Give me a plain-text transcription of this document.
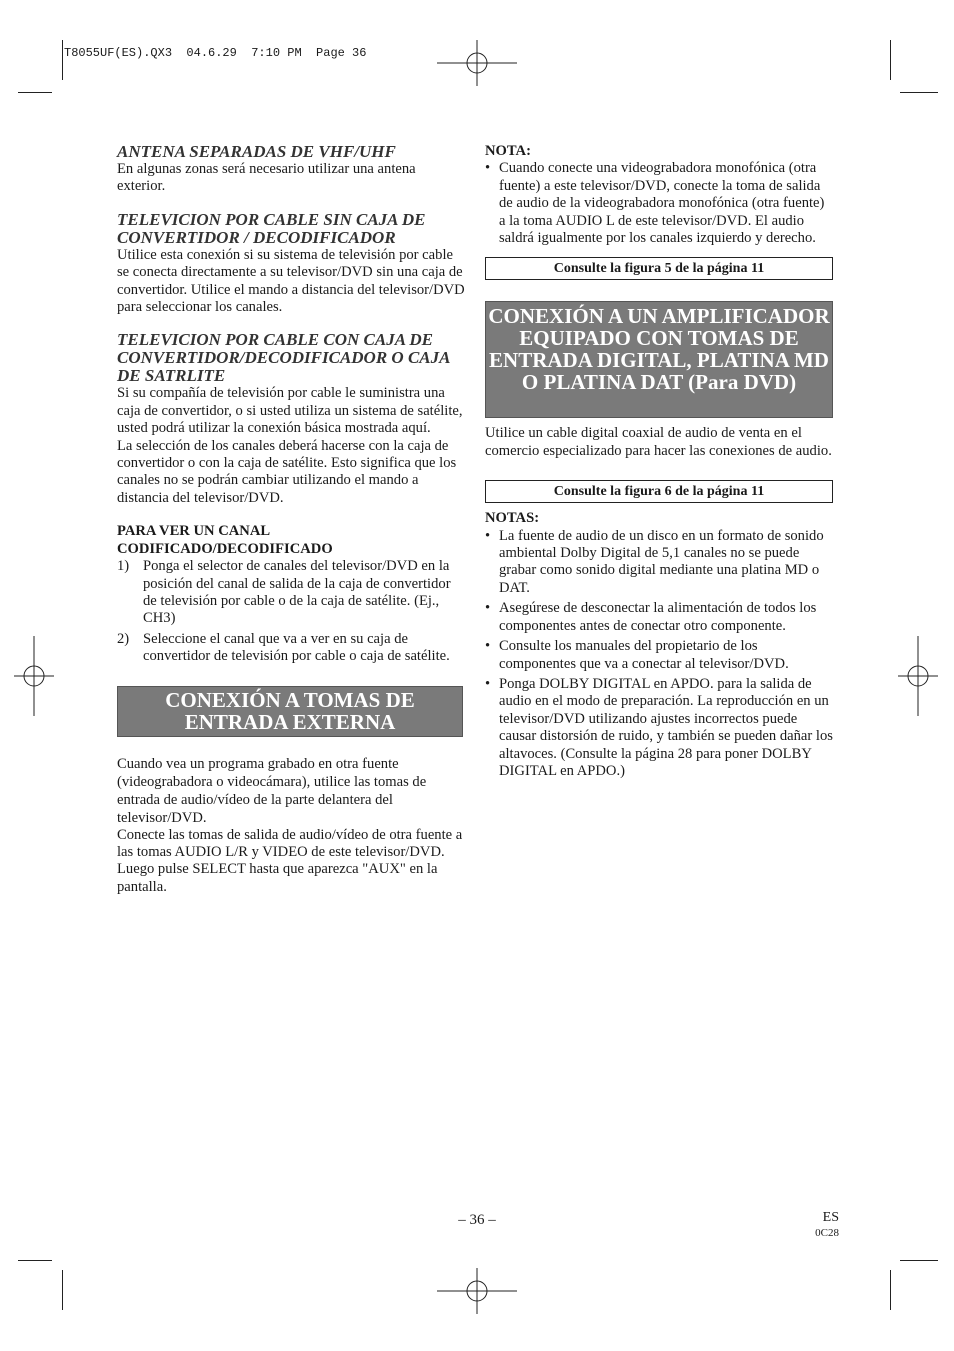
T8055UF(ES).QX3  04.6.29  7:10 PM  Page 36
ANTENA SEPARADAS DE VHF/UHF

En algunas zonas será necesario utilizar una antena exterior.

TELEVICION POR CABLE SIN CAJA DE CONVERTIDOR / DECODIFICADOR

Utilice esta conexión si su sistema de televisión por cable se conecta directamente a su televisor/DVD sin una caja de convertidor. Utilice el mando a distancia del televisor/DVD para seleccionar los canales.

TELEVICION POR CABLE CON CAJA DE CONVERTIDOR/DECODIFICADOR O CAJA DE SATRLITE

Si su compañía de televisión por cable le suministra una caja de convertidor, o si usted utiliza un sistema de satélite, usted podrá utilizar la conexión básica mostrada aquí.

La selección de los canales deberá hacerse con la caja de convertidor o con la caja de satélite. Esto significa que los canales no se podrán cambiar utilizando el mando a distancia del televisor/DVD.

PARA VER UN CANAL CODIFICADO/DECODIFICADO
1) Ponga el selector de canales del televisor/DVD en la posición del canal de salida de la caja de convertidor de televisión por cable o de la caja de satélite. (Ej., CH3)
2) Seleccione el canal que va a ver en su caja de convertidor de televisión por cable o caja de satélite.
CONEXIÓN A TOMAS DE ENTRADA EXTERNA

Cuando vea un programa grabado en otra fuente (videograbadora o videocámara), utilice las tomas de entrada de audio/vídeo de la parte delantera del televisor/DVD.

Conecte las tomas de salida de audio/vídeo de otra fuente a las tomas AUDIO L/R y VIDEO de este televisor/DVD. Luego pulse SELECT hasta que aparezca "AUX" en la pantalla.

NOTA:
• Cuando conecte una videograbadora monofónica (otra fuente) a este televisor/DVD, conecte la toma de salida de audio de la videograbadora monofónica (otra fuente) a la toma AUDIO L de este televisor/DVD. El audio saldrá igualmente por los canales izquierdo y derecho.
Consulte la figura 5 de la página 11
CONEXIÓN A UN AMPLIFICADOR EQUIPADO CON TOMAS DE ENTRADA DIGITAL, PLATINA MD O PLATINA DAT (Para DVD)

Utilice un cable digital coaxial de audio de venta en el comercio especializado para hacer las conexiones de audio.

Consulte la figura 6 de la página 11
NOTAS:
• La fuente de audio de un disco en un formato de sonido ambiental Dolby Digital de 5,1 canales no se puede grabar como sonido digital mediante una platina MD o DAT.
• Asegúrese de desconectar la alimentación de todos los componentes antes de conectar otro componente.
• Consulte los manuales del propietario de los componentes que va a conectar al televisor/DVD.
• Ponga DOLBY DIGITAL en APDO. para la salida de audio en el modo de preparación. La reproducción en un televisor/DVD utilizando ajustes incorrectos puede causar distorsión de ruido, y también se pueden dañar los altavoces. (Consulte la página 28 para poner DOLBY DIGITAL en APDO.)
– 36 –	ES
0C28
